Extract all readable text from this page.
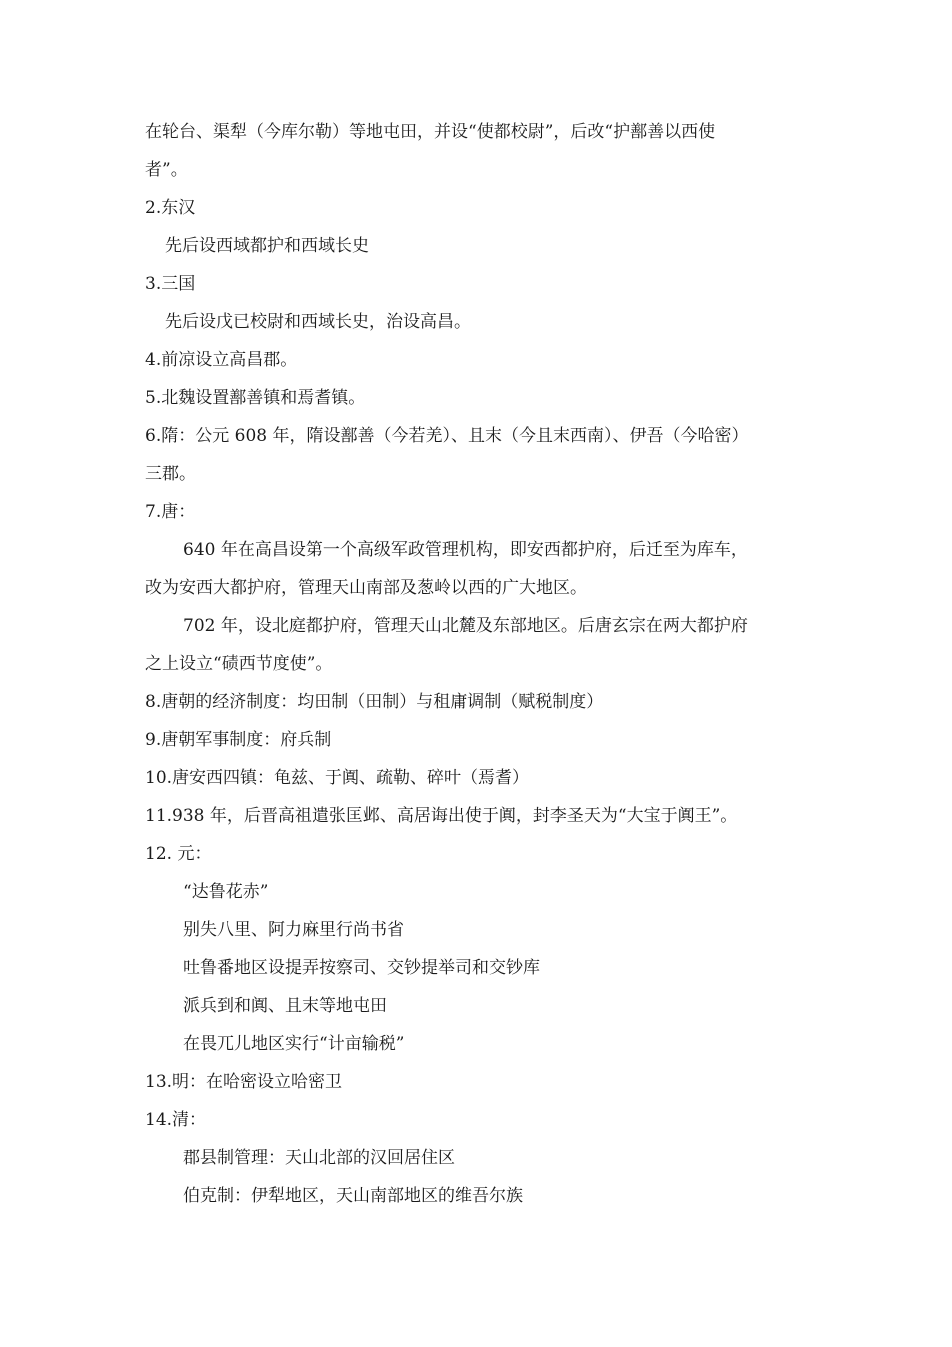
在轮台、渠犁（今库尔勒）等地屯田，并设“使都校尉”，后改“护鄯善以西使
者”。
2.东汉
先后设西域都护和西域长史
3.三国
先后设戊已校尉和西域长史，治设高昌。
4.前凉设立高昌郡。
5.北魏设置鄯善镇和焉耆镇。
6.隋：公元 608 年，隋设鄯善（今若羌）、且末（今且末西南）、伊吾（今哈密）
三郡。
7.唐：
640 年在高昌设第一个高级军政管理机构，即安西都护府，后迁至为库车，
改为安西大都护府，管理天山南部及葱岭以西的广大地区。
702 年，设北庭都护府，管理天山北麓及东部地区。后唐玄宗在两大都护府
之上设立“碛西节度使”。
8.唐朝的经济制度：均田制（田制）与租庸调制（赋税制度）
9.唐朝军事制度：府兵制
10.唐安西四镇：龟兹、于阗、疏勒、碎叶（焉耆）
11.938 年，后晋高祖遣张匡邺、高居诲出使于阗，封李圣天为“大宝于阗王”。
12. 元：
“达鲁花赤”
别失八里、阿力麻里行尚书省
吐鲁番地区设提弄按察司、交钞提举司和交钞库
派兵到和阗、且末等地屯田
在畏兀儿地区实行“计亩输税”
13.明：在哈密设立哈密卫
14.清：
郡县制管理：天山北部的汉回居住区
伯克制：伊犁地区，天山南部地区的维吾尔族
